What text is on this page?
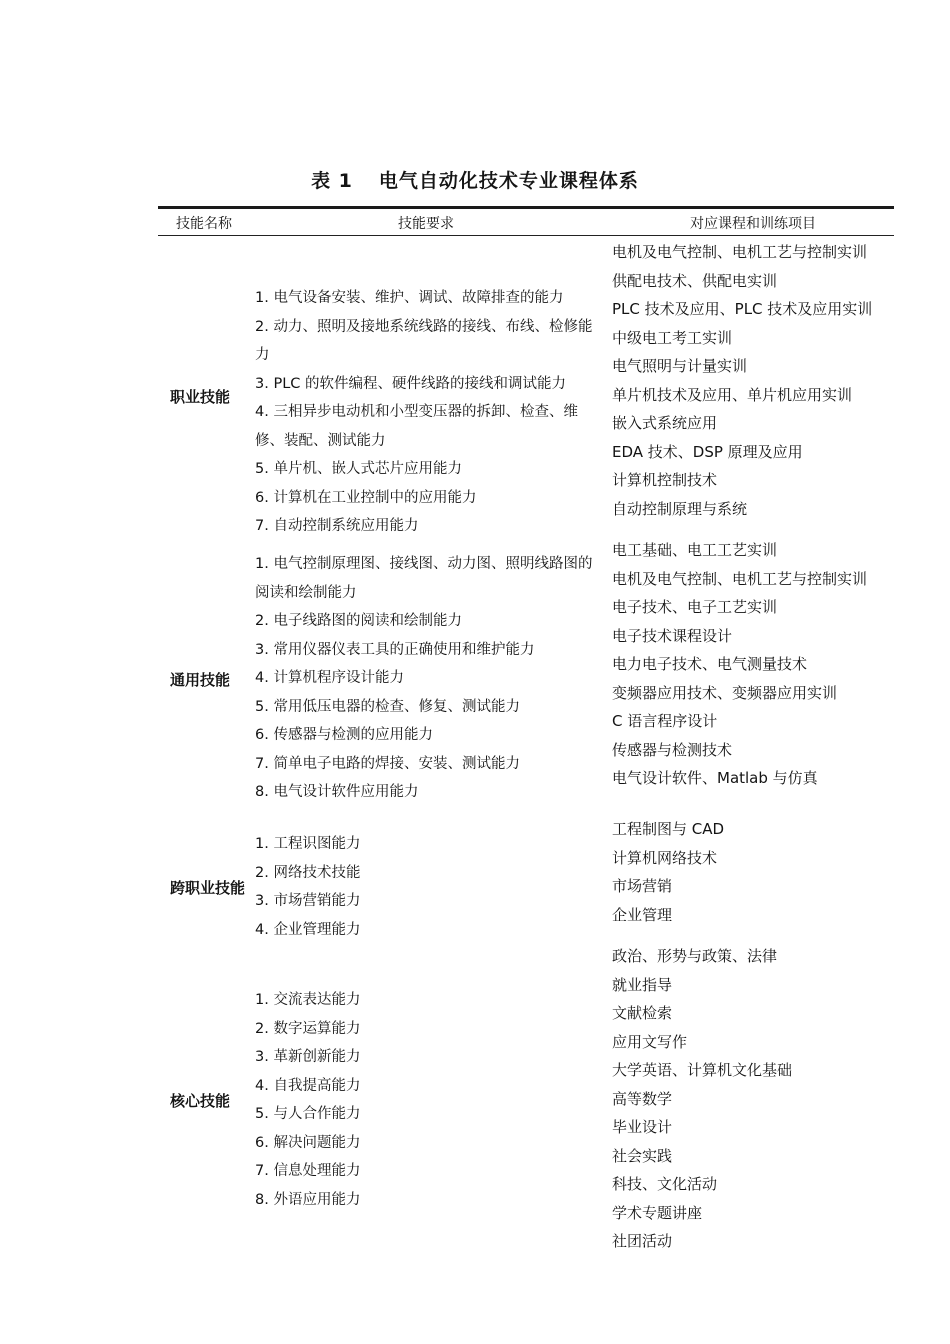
表 1 电气自动化技术专业课程体系
技能名称	技能要求	对应课程和训练项目
职业技能

1. 电气设备安装、维护、调试、故障排查的能力

2. 动力、照明及接地系统线路的接线、布线、检修能力

3. PLC 的软件编程、硬件线路的接线和调试能力

4. 三相异步电动机和小型变压器的拆卸、检查、维修、装配、测试能力

5. 单片机、嵌人式芯片应用能力

6. 计算机在工业控制中的应用能力

7. 自动控制系统应用能力

电机及电气控制、电机工艺与控制实训

供配电技术、供配电实训

PLC 技术及应用、PLC 技术及应用实训

中级电工考工实训

电气照明与计量实训

单片机技术及应用、单片机应用实训

嵌入式系统应用

EDA 技术、DSP 原理及应用

计算机控制技术

自动控制原理与系统

通用技能

1. 电气控制原理图、接线图、动力图、照明线路图的阅读和绘制能力

2. 电子线路图的阅读和绘制能力

3. 常用仪器仪表工具的正确使用和维护能力

4. 计算机程序设计能力

5. 常用低压电器的检查、修复、测试能力

6. 传感器与检测的应用能力

7. 简单电子电路的焊接、安装、测试能力

8. 电气设计软件应用能力

电工基础、电工工艺实训

电机及电气控制、电机工艺与控制实训

电子技术、电子工艺实训

电子技术课程设计

电力电子技术、电气测量技术

变频器应用技术、变频器应用实训

C 语言程序设计

传感器与检测技术

电气设计软件、Matlab 与仿真

跨职业技能

1. 工程识图能力

2. 网络技术技能

3. 市场营销能力

4. 企业管理能力

工程制图与 CAD

计算机网络技术

市场营销

企业管理

核心技能

1. 交流表达能力

2. 数字运算能力

3. 革新创新能力

4. 自我提高能力

5. 与人合作能力

6. 解决问题能力

7. 信息处理能力

8. 外语应用能力

政治、形势与政策、法律

就业指导

文献检索

应用文写作

大学英语、计算机文化基础

高等数学

毕业设计

社会实践

科技、文化活动

学术专题讲座

社团活动
